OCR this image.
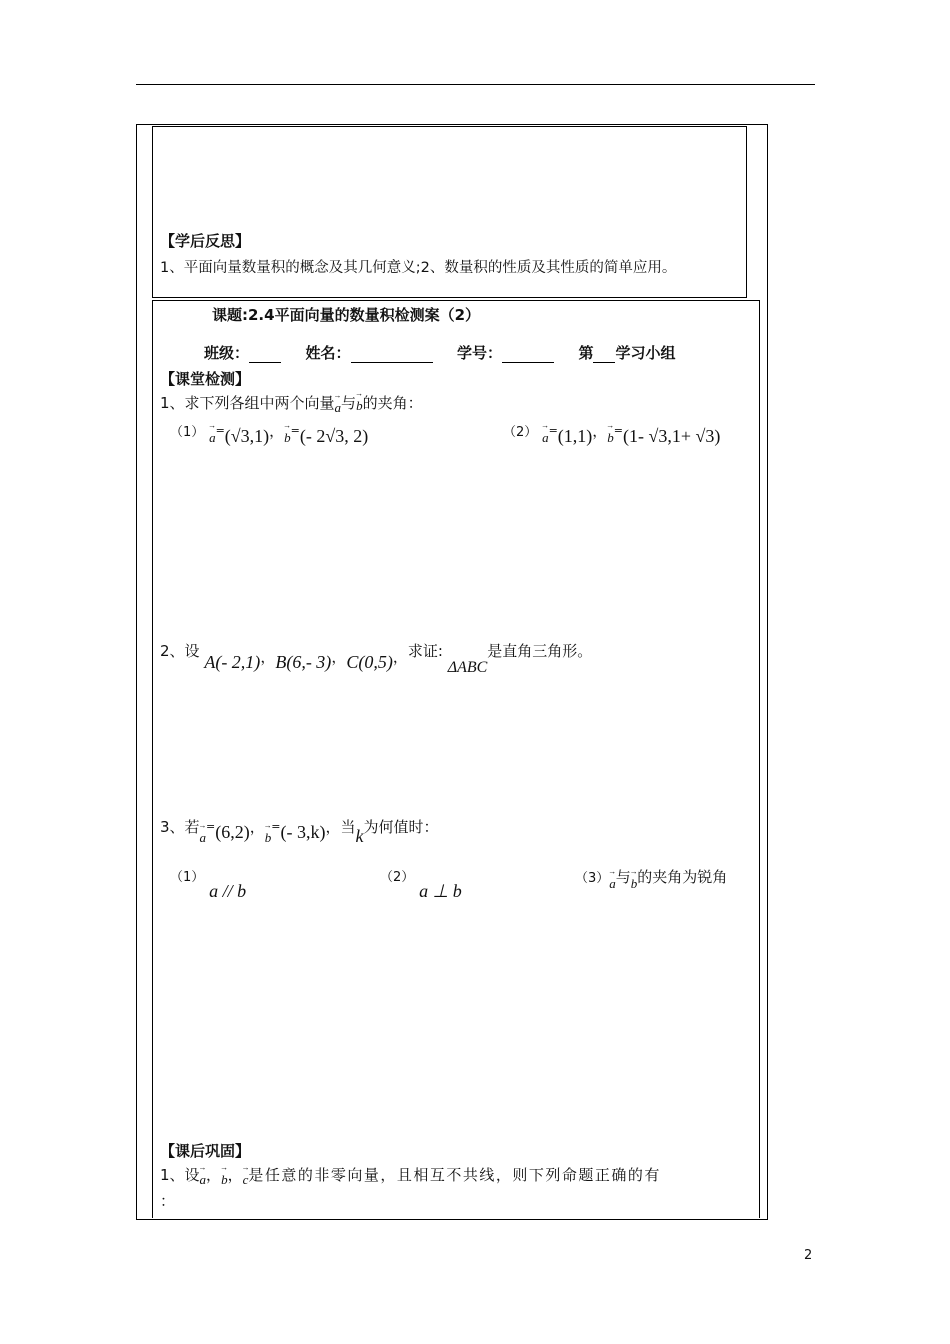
【学后反思】
1、平面向量数量积的概念及其几何意义;2、数量积的性质及其性质的简单应用。
课题:2.4平面向量的数量积检测案（2）
班级：	姓名：	学号：	第 学习小组
【课堂检测】
1、求下列各组中两个向量→ a与→ b的夹角：
（1） → a=(√3,1)，→ b=(- 2√3, 2)	（2） → a=(1,1)，→ b=(1- √3,1+ √3)
2、设 A(- 2,1)，B(6,- 3)，C(0,5)，求证: ΔABC是直角三角形。
3、若→ a=(6,2)，→ b=(- 3,k)，当k为何值时：
（1） a // b
（2） a ⊥ b
（3）→ a与→ b的夹角为锐角
【课后巩固】
1、设→ a，→ b，→ c是任意的非零向量，且相互不共线，则下列命题正确的有
：
2
